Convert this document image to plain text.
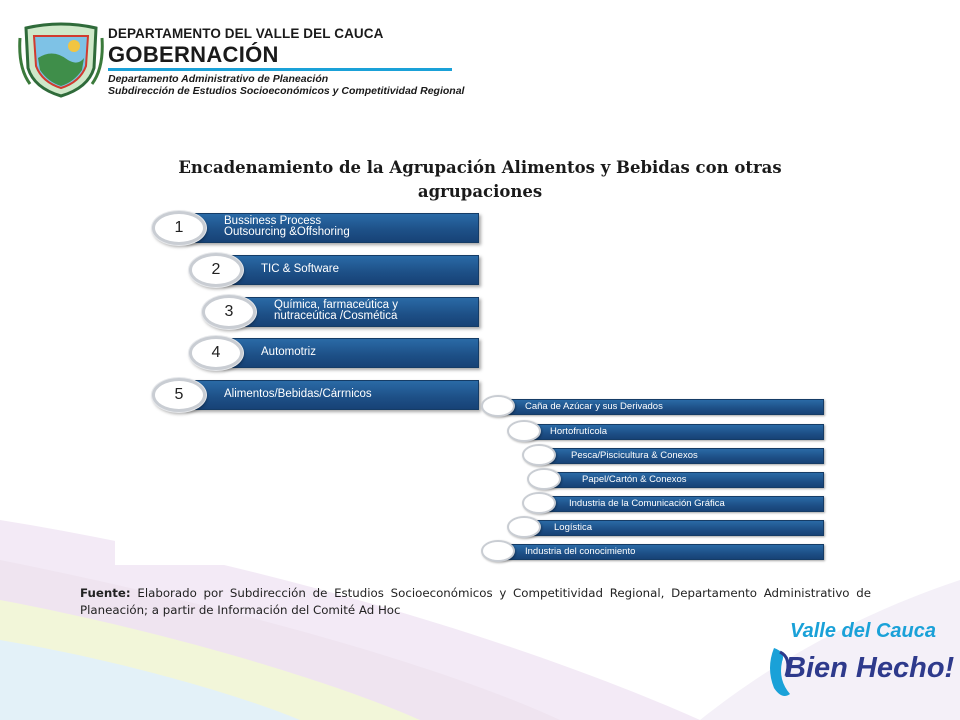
DEPARTAMENTO DEL VALLE DEL CAUCA
GOBERNACIÓN
Departamento Administrativo de Planeación
Subdirección de Estudios Socioeconómicos y Competitividad Regional
Encadenamiento de la Agrupación Alimentos y Bebidas con otras
agrupaciones
Bussiness Process
Outsourcing &Offshoring
1
TIC & Software
2
Química, farmaceútica y
nutraceútica /Cosmética
3
Automotriz
4
Alimentos/Bebidas/Cárrnicos
5
Caña de Azúcar y sus Derivados
Hortofrutícola
Pesca/Piscicultura & Conexos
Papel/Cartón & Conexos
Industria de la Comunicación Gráfica
Logística
Industria del conocimiento
Fuente: Elaborado por Subdirección de Estudios Socioeconómicos y Competitividad Regional, Departamento Administrativo de Planeación; a partir de Información del Comité Ad Hoc
Valle del Cauca
Bien Hecho!
